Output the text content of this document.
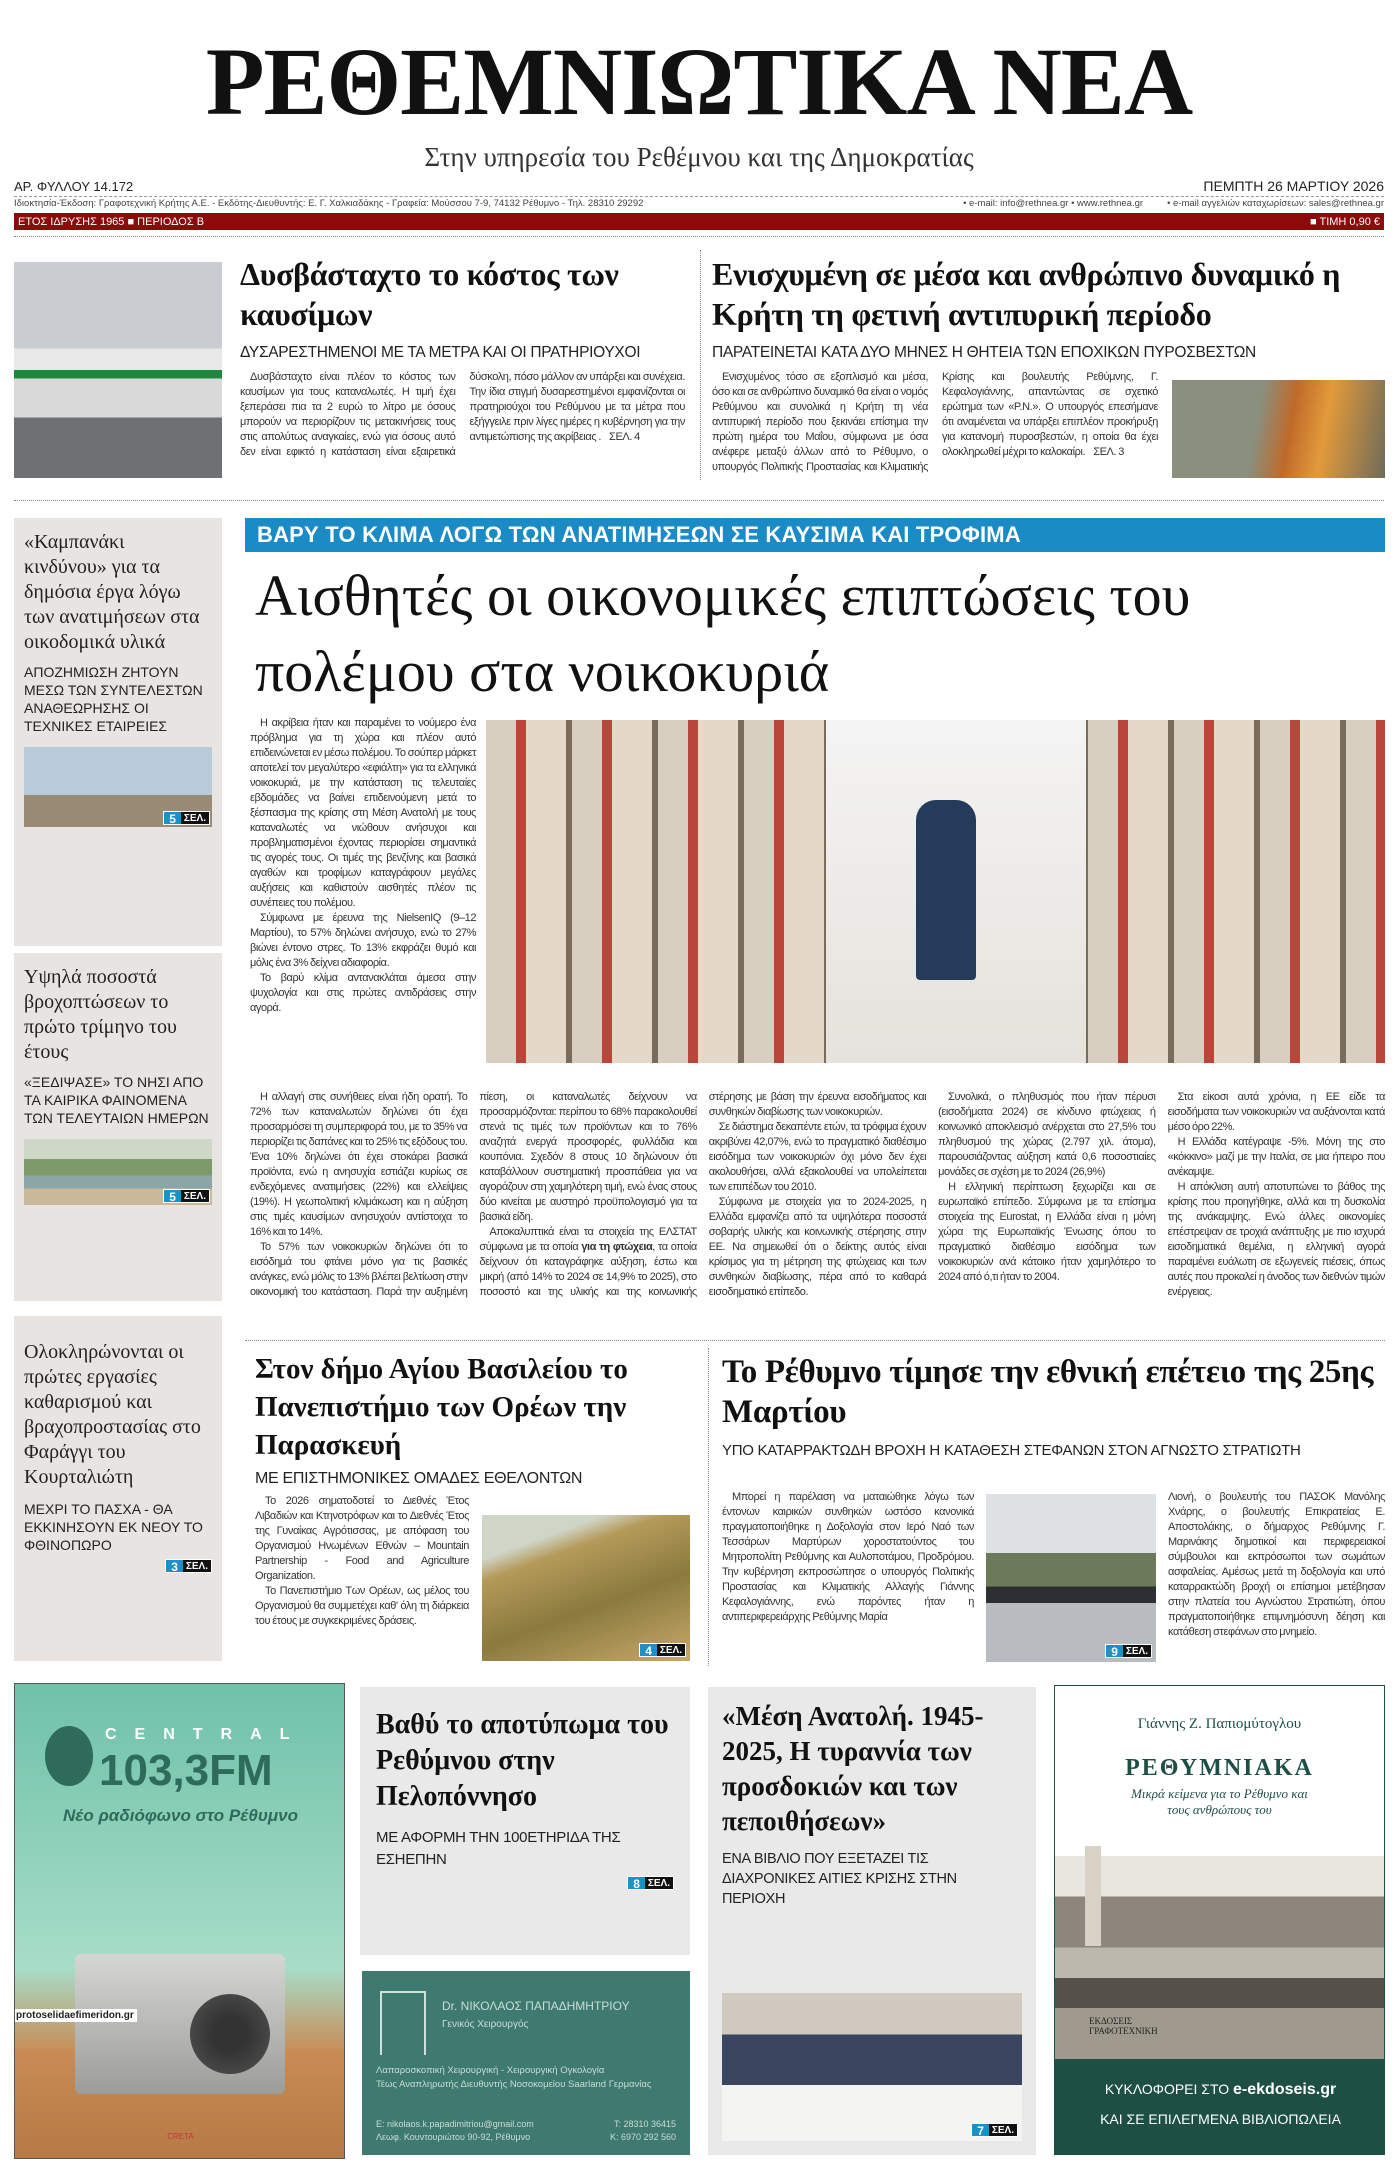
ΡΕΘΕΜΝΙΩΤΙΚΑ ΝΕΑ
Στην υπηρεσία του Ρεθέμνου και της Δημοκρατίας
ΑΡ. ΦΥΛΛΟΥ 14.172	ΠΕΜΠΤΗ 26 ΜΑΡΤΙΟΥ 2026
Ιδιοκτησία-Έκδοση: Γραφοτεχνική Κρήτης Α.Ε. - Εκδότης-Διευθυντής: Ε. Γ. Χαλκιαδάκης - Γραφεία: Μούσσου 7-9, 74132 Ρέθυμνο - Τηλ. 28310 29292	• e-mail: info@rethnea.gr • www.rethnea.gr	• e-mail αγγελιών καταχωρίσεων: sales@rethnea.gr
ΕΤΟΣ ΙΔΡΥΣΗΣ 1965 ■ ΠΕΡΙΟΔΟΣ Β	■ ΤΙΜΗ 0,90 €
Δυσβάσταχτο το κόστος των καυσίμων
ΔΥΣΑΡΕΣΤΗΜΕΝΟΙ ΜΕ ΤΑ ΜΕΤΡΑ ΚΑΙ ΟΙ ΠΡΑΤΗΡΙΟΥΧΟΙ

Δυσβάσταχτο είναι πλέον το κόστος των καυσίμων για τους καταναλωτές. Η τιμή έχει ξεπεράσει πια τα 2 ευρώ το λίτρο με όσους μπορούν να περιορίζουν τις μετακινήσεις τους στις απολύτως αναγκαίες, ενώ για όσους αυτό δεν είναι εφικτό η κατάσταση είναι εξαιρετικά δύσκολη, πόσο μάλλον αν υπάρξει και συνέχεια. Την ίδια στιγμή δυσαρεστημένοι εμφανίζονται οι πρατηριούχοι του Ρεθύμνου με τα μέτρα που εξήγγειλε πριν λίγες ημέρες η κυβέρνηση για την αντιμετώπισης της ακρίβειας . ΣΕΛ. 4

Ενισχυμένη σε μέσα και ανθρώπινο δυναμικό η Κρήτη τη φετινή αντιπυρική περίοδο
ΠΑΡΑΤΕΙΝΕΤΑΙ ΚΑΤΑ ΔΥΟ ΜΗΝΕΣ Η ΘΗΤΕΙΑ ΤΩΝ ΕΠΟΧΙΚΩΝ ΠΥΡΟΣΒΕΣΤΩΝ

Ενισχυμένος τόσο σε εξοπλισμό και μέσα, όσο και σε ανθρώπινο δυναμικό θα είναι ο νομός Ρεθύμνου και συνολικά η Κρήτη τη νέα αντιπυρική περίοδο που ξεκινάει επίσημα την πρώτη ημέρα του Μαΐου, σύμφωνα με όσα ανέφερε μεταξύ άλλων από το Ρέθυμνο, ο υπουργός Πολιτικής Προστασίας και Κλιματικής Κρίσης και βουλευτής Ρεθύμνης, Γ. Κεφαλογιάννης, απαντώντας σε σχετικό ερώτημα των «Ρ.Ν.». Ο υπουργός επεσήμανε ότι αναμένεται να υπάρξει επιπλέον προκήρυξη για κατανομή πυροσβεστών, η οποία θα έχει ολοκληρωθεί μέχρι το καλοκαίρι. ΣΕΛ. 3

«Καμπανάκι κινδύνου» για τα δημόσια έργα λόγω των ανατιμήσεων στα οικοδομικά υλικά
ΑΠΟΖΗΜΙΩΣΗ ΖΗΤΟΥΝ ΜΕΣΩ ΤΩΝ ΣΥΝΤΕΛΕΣΤΩΝ ΑΝΑΘΕΩΡΗΣΗΣ ΟΙ ΤΕΧΝΙΚΕΣ ΕΤΑΙΡΕΙΕΣ
5 ΣΕΛ.
Υψηλά ποσοστά βροχοπτώσεων το πρώτο τρίμηνο του έτους
«ΞΕΔΙΨΑΣΕ» ΤΟ ΝΗΣΙ ΑΠΟ ΤΑ ΚΑΙΡΙΚΑ ΦΑΙΝΟΜΕΝΑ ΤΩΝ ΤΕΛΕΥΤΑΙΩΝ ΗΜΕΡΩΝ
5 ΣΕΛ.
Ολοκληρώνονται οι πρώτες εργασίες καθαρισμού και βραχοπροστασίας στο Φαράγγι του Κουρταλιώτη
ΜΕΧΡΙ ΤΟ ΠΑΣΧΑ - ΘΑ ΕΚΚΙΝΗΣΟΥΝ ΕΚ ΝΕΟΥ ΤΟ ΦΘΙΝΟΠΩΡΟ
3 ΣΕΛ.
ΒΑΡΥ ΤΟ ΚΛΙΜΑ ΛΟΓΩ ΤΩΝ ΑΝΑΤΙΜΗΣΕΩΝ ΣΕ ΚΑΥΣΙΜΑ ΚΑΙ ΤΡΟΦΙΜΑ
Αισθητές οι οικονομικές επιπτώσεις του πολέμου στα νοικοκυριά

Η ακρίβεια ήταν και παραμένει το νούμερο ένα πρόβλημα για τη χώρα και πλέον αυτό επιδεινώνεται εν μέσω πολέμου. Το σούπερ μάρκετ αποτελεί τον μεγαλύτερο «εφιάλτη» για τα ελληνικά νοικοκυριά, με την κατάσταση τις τελευταίες εβδομάδες να βαίνει επιδεινούμενη μετά το ξέσπασμα της κρίσης στη Μέση Ανατολή με τους καταναλωτές να νιώθουν ανήσυχοι και προβληματισμένοι έχοντας περιορίσει σημαντικά τις αγορές τους. Οι τιμές της βενζίνης και βασικά αγαθών και τροφίμων καταγράφουν μεγάλες αυξήσεις και καθιστούν αισθητές πλέον τις συνέπειες του πολέμου.

Σύμφωνα με έρευνα της NielsenIQ (9–12 Μαρτίου), το 57% δηλώνει ανήσυχο, ενώ το 27% βιώνει έντονο στρες. Το 13% εκφράζει θυμό και μόλις ένα 3% δείχνει αδιαφορία.

Το βαρύ κλίμα αντανακλάται άμεσα στην ψυχολογία και στις πρώτες αντιδράσεις στην αγορά.

Η αλλαγή στις συνήθειες είναι ήδη ορατή. Το 72% των καταναλωτών δηλώνει ότι έχει προσαρμόσει τη συμπεριφορά του, με το 35% να περιορίζει τις δαπάνες και το 25% τις εξόδους του. Ένα 10% δηλώνει ότι έχει στοκάρει βασικά προϊόντα, ενώ η ανησυχία εστιάζει κυρίως σε ενδεχόμενες ανατιμήσεις (22%) και ελλείψεις (19%). Η γεωπολιτική κλιμάκωση και η αύξηση στις τιμές καυσίμων ανησυχούν αντίστοιχα το 16% και το 14%.

Το 57% των νοικοκυριών δηλώνει ότι το εισόδημά του φτάνει μόνο για τις βασικές ανάγκες, ενώ μόλις το 13% βλέπει βελτίωση στην οικονομική του κατάσταση. Παρά την αυξημένη πίεση, οι καταναλωτές δείχνουν να προσαρμόζονται: περίπου το 68% παρακολουθεί στενά τις τιμές των προϊόντων και το 76% αναζητά ενεργά προσφορές, φυλλάδια και κουπόνια. Σχεδόν 8 στους 10 δηλώνουν ότι καταβάλλουν συστηματική προσπάθεια για να αγοράζουν στη χαμηλότερη τιμή, ενώ ένας στους δύο κινείται με αυστηρό προϋπολογισμό για τα βασικά είδη.

Αποκαλυπτικά είναι τα στοιχεία της ΕΛΣΤΑΤ σύμφωνα με τα οποία για τη φτώχεια, τα οποία δείχνουν ότι καταγράφηκε αύξηση, έστω και μικρή (από 14% το 2024 σε 14,9% το 2025), στο ποσοστό και της υλικής και της κοινωνικής στέρησης με βάση την έρευνα εισοδήματος και συνθηκών διαβίωσης των νοικοκυριών.

Σε διάστημα δεκαπέντε ετών, τα τρόφιμα έχουν ακριβύνει 42,07%, ενώ το πραγματικό διαθέσιμο εισόδημα των νοικοκυριών όχι μόνο δεν έχει ακολουθήσει, αλλά εξακολουθεί να υπολείπεται των επιπέδων του 2010.

Σύμφωνα με στοιχεία για το 2024-2025, η Ελλάδα εμφανίζει από τα υψηλότερα ποσοστά σοβαρής υλικής και κοινωνικής στέρησης στην ΕΕ. Να σημειωθεί ότι ο δείκτης αυτός είναι κρίσιμος για τη μέτρηση της φτώχειας και των συνθηκών διαβίωσης, πέρα από το καθαρά εισοδηματικό επίπεδο.

Συνολικά, ο πληθυσμός που ήταν πέρυσι (εισοδήματα 2024) σε κίνδυνο φτώχειας ή κοινωνικό αποκλεισμό ανέρχεται στο 27,5% του πληθυσμού της χώρας (2.797 χιλ. άτομα), παρουσιάζοντας αύξηση κατά 0,6 ποσοστιαίες μονάδες σε σχέση με το 2024 (26,9%)

Η ελληνική περίπτωση ξεχωρίζει και σε ευρωπαϊκό επίπεδο. Σύμφωνα με τα επίσημα στοιχεία της Eurostat, η Ελλάδα είναι η μόνη χώρα της Ευρωπαϊκής Ένωσης όπου το πραγματικό διαθέσιμο εισόδημα των νοικοκυριών ανά κάτοικο ήταν χαμηλότερο το 2024 από ό,τι ήταν το 2004.

Στα είκοσι αυτά χρόνια, η ΕΕ είδε τα εισοδήματα των νοικοκυριών να αυξάνονται κατά μέσο όρο 22%.

Η Ελλάδα κατέγραψε -5%. Μόνη της στο «κόκκινο» μαζί με την Ιταλία, σε μια ήπειρο που ανέκαμψε.

Η απόκλιση αυτή αποτυπώνει το βάθος της κρίσης που προηγήθηκε, αλλά και τη δυσκολία της ανάκαμψης. Ενώ άλλες οικονομίες επέστρεψαν σε τροχιά ανάπτυξης με πιο ισχυρά εισοδηματικά θεμέλια, η ελληνική αγορά παραμένει ευάλωτη σε εξωγενείς πιέσεις, όπως αυτές που προκαλεί η άνοδος των διεθνών τιμών ενέργειας.

Στον δήμο Αγίου Βασιλείου το Πανεπιστήμιο των Ορέων την Παρασκευή
ΜΕ ΕΠΙΣΤΗΜΟΝΙΚΕΣ ΟΜΑΔΕΣ ΕΘΕΛΟΝΤΩΝ

Το 2026 σηματοδοτεί το Διεθνές Έτος Λιβαδιών και Κτηνοτρόφων και το Διεθνές Έτος της Γυναίκας Αγρότισσας, με απόφαση του Οργανισμού Ηνωμένων Εθνών – Mountain Partnership - Food and Agriculture Organization.

Το Πανεπιστήμιο Των Ορέων, ως μέλος του Οργανισμού θα συμμετέχει καθ' όλη τη διάρκεια του έτους με συγκεκριμένες δράσεις.

4 ΣΕΛ.
Το Ρέθυμνο τίμησε την εθνική επέτειο της 25ης Μαρτίου
ΥΠΟ ΚΑΤΑΡΡΑΚΤΩΔΗ ΒΡΟΧΗ Η ΚΑΤΑΘΕΣΗ ΣΤΕΦΑΝΩΝ ΣΤΟΝ ΑΓΝΩΣΤΟ ΣΤΡΑΤΙΩΤΗ

Μπορεί η παρέλαση να ματαιώθηκε λόγω των έντονων καιρικών συνθηκών ωστόσο κανονικά πραγματοποιήθηκε η Δοξολογία στον Ιερό Ναό των Τεσσάρων Μαρτύρων χοροστατούντος του Μητροπολίτη Ρεθύμνης και Αυλοποτάμου, Προδρόμου. Την κυβέρνηση εκπροσώπησε ο υπουργός Πολιτικής Προστασίας και Κλιματικής Αλλαγής Γιάννης Κεφαλογιάννης, ενώ παρόντες ήταν η αντιπεριφερειάρχης Ρεθύμνης Μαρία

9 ΣΕΛ.
Λιονή, ο βουλευτής του ΠΑΣΟΚ Μανόλης Χνάρης, ο βουλευτής Επικρατείας Ε. Αποστολάκης, ο δήμαρχος Ρεθύμνης Γ. Μαρινάκης δημοτικοί και περιφερειακοί σύμβουλοι και εκπρόσωποι των σωμάτων ασφαλείας. Αμέσως μετά τη δοξολογία και υπό καταρρακτώδη βροχή οι επίσημοι μετέβησαν στην πλατεία του Αγνώστου Στρατιώτη, όπου πραγματοποιήθηκε επιμνημόσυνη δέηση και κατάθεση στεφάνων στο μνημείο.
CENTRAL
103,3FM
Νέο ραδιόφωνο στο Ρέθυμνο
protoselidaefimeridon.gr
CRETA
Βαθύ το αποτύπωμα του Ρεθύμνου στην Πελοπόννησο
ΜΕ ΑΦΟΡΜΗ ΤΗΝ 100ΕΤΗΡΙΔΑ ΤΗΣ ΕΣΗΕΠΗΝ
8 ΣΕΛ.
Dr. ΝΙΚΟΛΑΟΣ ΠΑΠΑΔΗΜΗΤΡΙΟΥ
Γενικός Χειρουργός
Λαπαροσκοπική Χειρουργική - Χειρουργική Ογκολογία
Τέως Αναπληρωτής Διευθυντής Νοσοκομείου Saarland Γερμανίας
E: nikolaos.k.papadimitriou@gmail.com
Λεωφ. Κουντουριώτου 90-92, Ρέθυμνο
T: 28310 36415
K: 6970 292 560
«Μέση Ανατολή. 1945-2025, Η τυραννία των προσδοκιών και των πεποιθήσεων»
ΕΝΑ ΒΙΒΛΙΟ ΠΟΥ ΕΞΕΤΑΖΕΙ ΤΙΣ ΔΙΑΧΡΟΝΙΚΕΣ ΑΙΤΙΕΣ ΚΡΙΣΗΣ ΣΤΗΝ ΠΕΡΙΟΧΗ
7 ΣΕΛ.
Γιάννης Ζ. Παπιομύτογλου
ΡΕΘΥΜΝΙΑΚΑ
Μικρά κείμενα για το Ρέθυμνο και τους ανθρώπους του
ΕΚΔΟΣΕΙΣ ΓΡΑΦΟΤΕΧΝΙΚΗ
ΚΥΚΛΟΦΟΡΕΙ ΣΤΟ e-ekdoseis.gr
ΚΑΙ ΣΕ ΕΠΙΛΕΓΜΕΝΑ ΒΙΒΛΙΟΠΩΛΕΙΑ
